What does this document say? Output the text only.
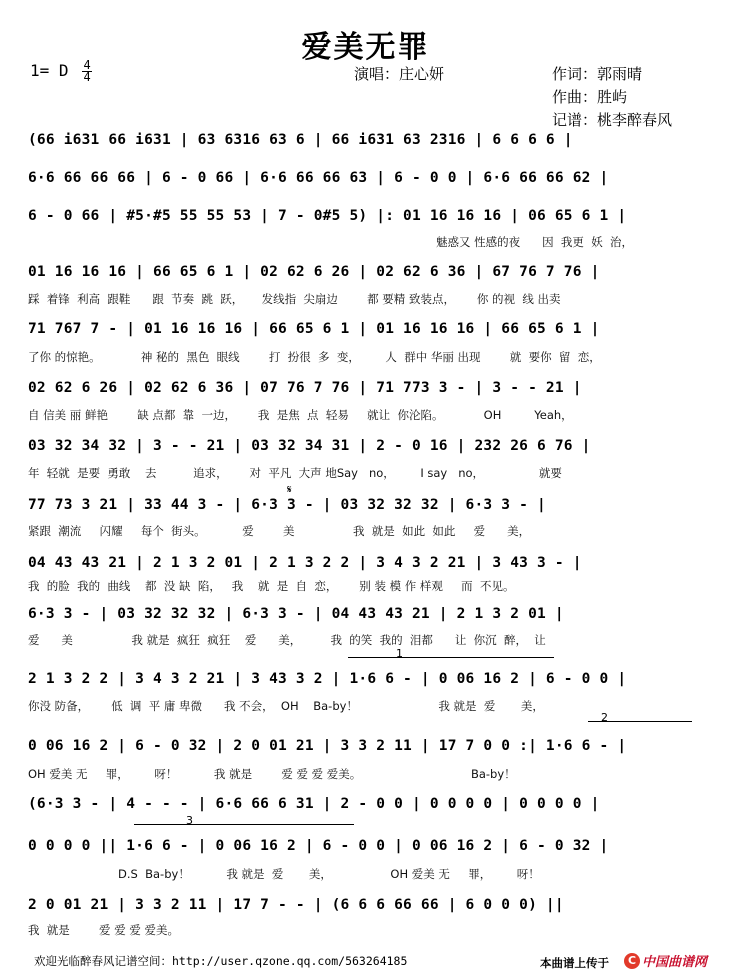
爱美无罪
1= D $\frac{4}{4}$	演唱：庄心妍	作词：郭雨晴
作曲：胜屿
记谱：桃李醉春风
(66 i631 66 i631 | 63 6316 63 6 | 66 i631 63 2316 | 6 6 6 6 |
6·6 66 66 66 | 6 - 0 66 | 6·6 66 66 63 | 6 - 0 0 | 6·6 66 66 62 |
6 - 0 66 | #5·#5 55 55 53 | 7 - 0#5 5) |: 01 16 16 16 | 06 65 6 1 |
魅惑又 性感的夜      因  我更  妖  治，
01 16 16 16 | 66 65 6 1 | 02 62 6 26 | 02 62 6 36 | 67 76 7 76 |
踩  着锋  利高  跟鞋      跟  节奏  跳  跃，     发线指  尖扇边        都 要精 致装点，      你 的视  线 出卖
71 767 7 - | 01 16 16 16 | 66 65 6 1 | 01 16 16 16 | 66 65 6 1 |
了你 的惊艳。           神 秘的  黑色  眼线        打  扮很  多  变，       人  群中 华丽 出现        就  要你  留  恋，
02 62 6 26 | 02 62 6 36 | 07 76 7 76 | 71 773 3 - | 3 - - 21 |
自 信美 丽 鲜艳        缺 点都  靠  一边，      我  是焦  点  轻易     就让  你沦陷。           OH         Yeah，
03 32 34 32 | 3 - - 21 | 03 32 34 31 | 2 - 0 16 | 232 26 6 76 |
年  轻就  是要  勇敢    去          追求，      对  平凡  大声 地Say   no，       I say   no，               就要
𝄋
77 73 3 21 | 33 44 3 - | 6·3 3 - | 03 32 32 32 | 6·3 3 - |
紧跟  潮流     闪耀     每个  街头。          爱        美                我  就是  如此  如此     爱      美，
04 43 43 21 | 2 1 3 2 01 | 2 1 3 2 2 | 3 4 3 2 21 | 3 43 3 - |
我  的脸  我的  曲线    都  没 缺  陷，   我    就  是  自  恋，      别 装 模 作 样观     而  不见。
6·3 3 - | 03 32 32 32 | 6·3 3 - | 04 43 43 21 | 2 1 3 2 01 |
爱      美                我 就是  疯狂  疯狂    爱      美，        我  的笑  我的  泪都      让  你沉  醉，  让
1
2 1 3 2 2 | 3 4 3 2 21 | 3 43 3 2 | 1·6 6 - | 0 06 16 2 | 6 - 0 0 |
你没 防备，      低  调  平 庸 卑微      我 不会，  OH    Ba-by！                      我 就是  爱       美，
2
0 06 16 2 | 6 - 0 32 | 2 0 01 21 | 3 3 2 11 | 17 7 0 0 :| 1·6 6 - |
OH 爱美 无     罪，       呀！          我 就是        爱 爱 爱 爱美。                              Ba-by！
(6·3 3 - | 4 - - - | 6·6 66 6 31 | 2 - 0 0 | 0 0 0 0 | 0 0 0 0 |
3
0 0 0 0 || 1·6 6 - | 0 06 16 2 | 6 - 0 0 | 0 06 16 2 | 6 - 0 32 |
D.S  Ba-by！          我 就是  爱       美，                OH 爱美 无     罪，       呀！
2 0 01 21 | 3 3 2 11 | 17 7 - - | (6 6 6 66 66 | 6 0 0 0) ||
我  就是        爱 爱 爱 爱美。
欢迎光临醉春风记谱空间：http://user.qzone.qq.com/563264185	本曲谱上传于	C 中国曲谱网
